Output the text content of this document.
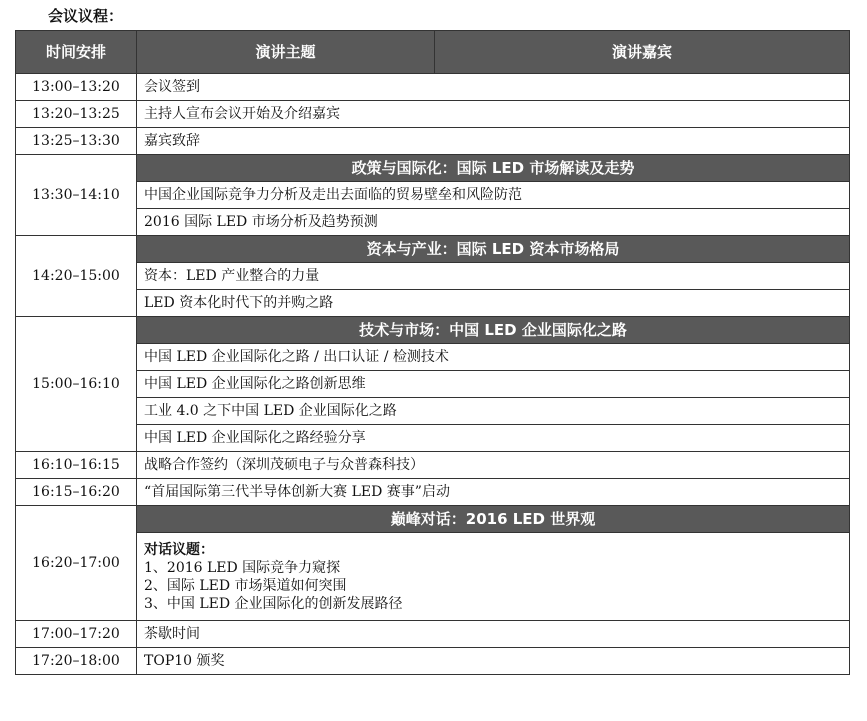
会议议程：
时间安排	演讲主题	演讲嘉宾
13:00–13:20	会议签到	
13:20–13:25	主持人宣布会议开始及介绍嘉宾	
13:25–13:30	嘉宾致辞	
13:30–14:10	政策与国际化：国际 LED 市场解读及走势	
	中国企业国际竞争力分析及走出去面临的贸易壁垒和风险防范	
	2016 国际 LED 市场分析及趋势预测	
14:20–15:00	资本与产业：国际 LED 资本市场格局	
	资本：LED 产业整合的力量	
	LED 资本化时代下的并购之路	
15:00–16:10	技术与市场：中国 LED 企业国际化之路	
	中国 LED 企业国际化之路 / 出口认证 / 检测技术	
	中国 LED 企业国际化之路创新思维	
	工业 4.0 之下中国 LED 企业国际化之路	
	中国 LED 企业国际化之路经验分享	
16:10–16:15	战略合作签约（深圳茂硕电子与众普森科技）	
16:15–16:20	“首届国际第三代半导体创新大赛 LED 赛事”启动	
16:20–17:00	巅峰对话：2016 LED 世界观	

	对话议题：
1、2016 LED 国际竞争力窥探
2、国际 LED 市场渠道如何突围
3、中国 LED 企业国际化的创新发展路径	

17:00–17:20	茶歇时间	
17:20–18:00	TOP10 颁奖	
